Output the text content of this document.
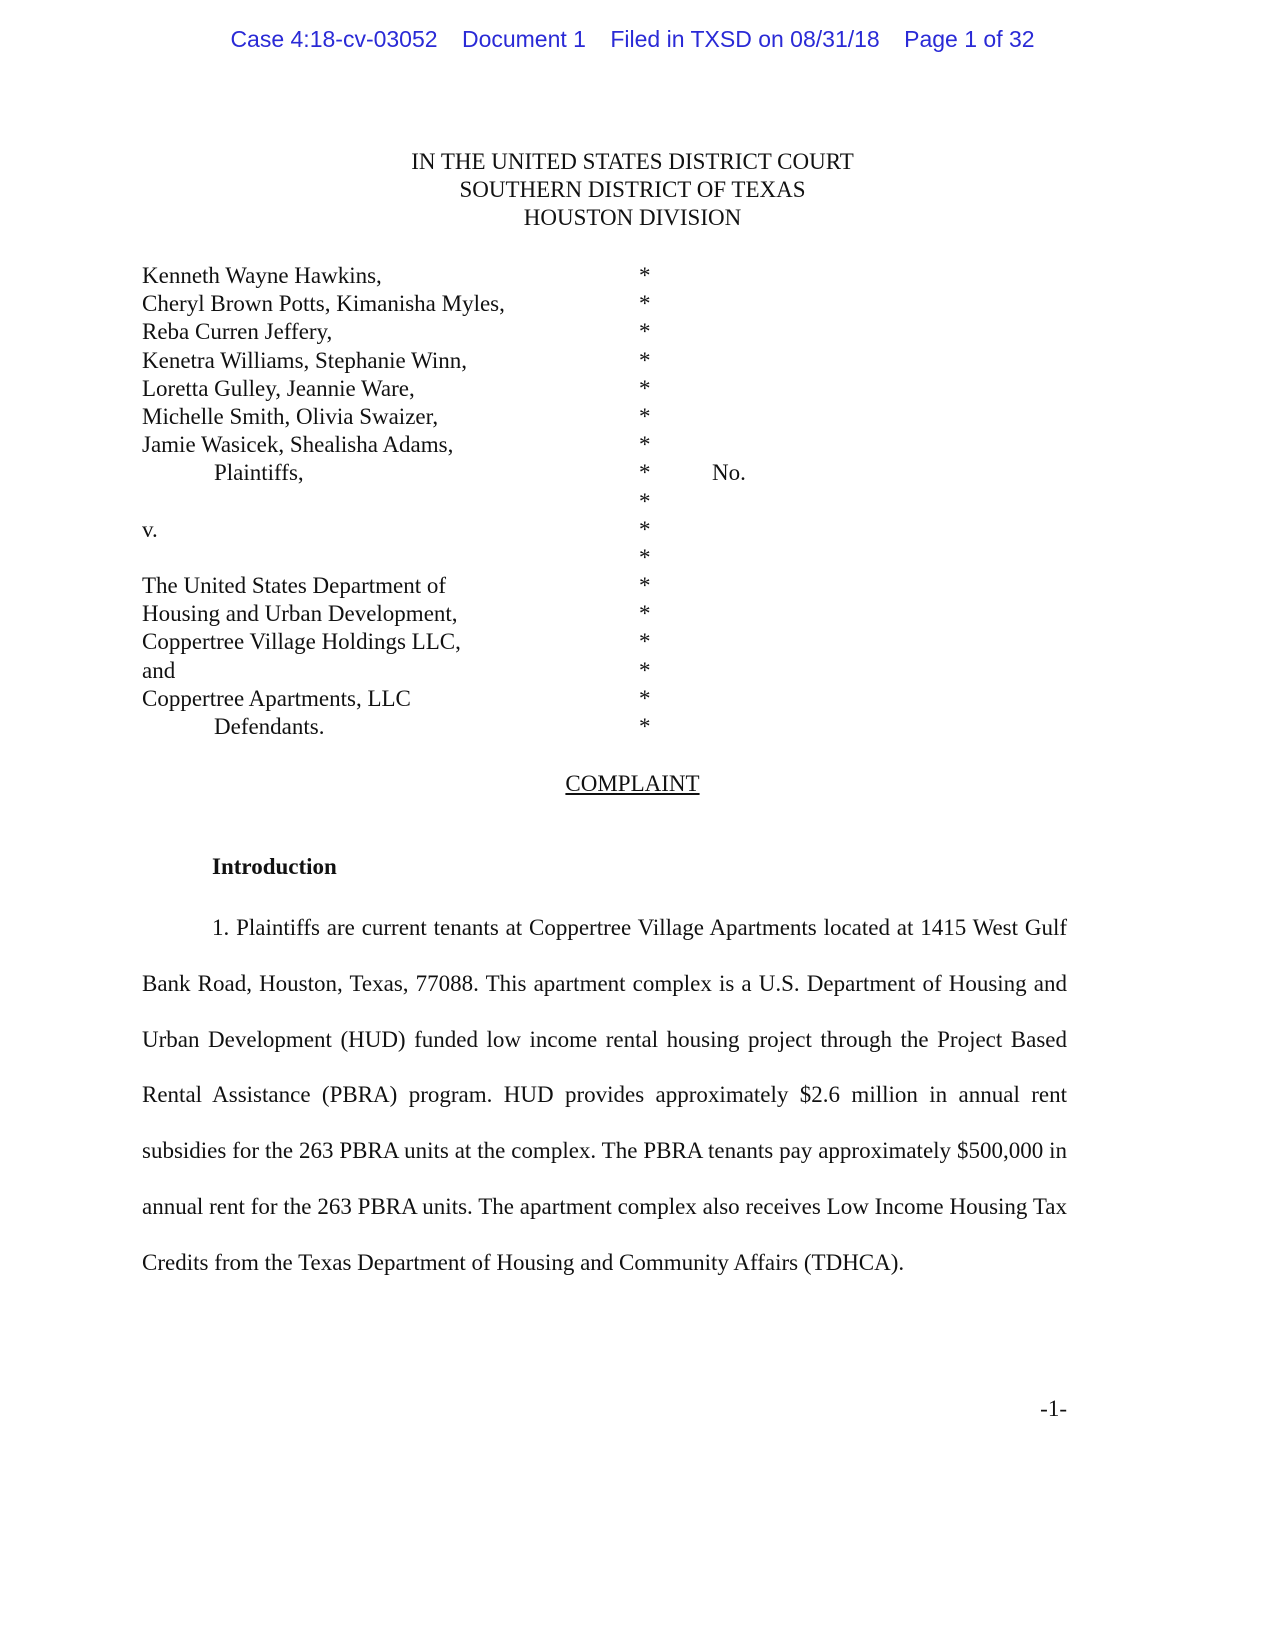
Case 4:18-cv-03052 Document 1 Filed in TXSD on 08/31/18 Page 1 of 32
IN THE UNITED STATES DISTRICT COURT
SOUTHERN DISTRICT OF TEXAS
HOUSTON DIVISION
Kenneth Wayne Hawkins,	*
Cheryl Brown Potts, Kimanisha Myles,	*
Reba Curren Jeffery,	*
Kenetra Williams, Stephanie Winn,	*
Loretta Gulley, Jeannie Ware,	*
Michelle Smith, Olivia Swaizer,	*
Jamie Wasicek, Shealisha Adams,	*
Plaintiffs,	*	No.
*
v.	*
*
The United States Department of	*
Housing and Urban Development,	*
Coppertree Village Holdings LLC,	*
and	*
Coppertree Apartments, LLC	*
Defendants.	*
COMPLAINT
Introduction

1. Plaintiffs are current tenants at Coppertree Village Apartments located at 1415 West Gulf Bank Road, Houston, Texas, 77088. This apartment complex is a U.S. Department of Housing and Urban Development (HUD) funded low income rental housing project through the Project Based Rental Assistance (PBRA) program. HUD provides approximately $2.6 million in annual rent subsidies for the 263 PBRA units at the complex. The PBRA tenants pay approximately $500,000 in annual rent for the 263 PBRA units. The apartment complex also receives Low Income Housing Tax Credits from the Texas Department of Housing and Community Affairs (TDHCA).

-1-
